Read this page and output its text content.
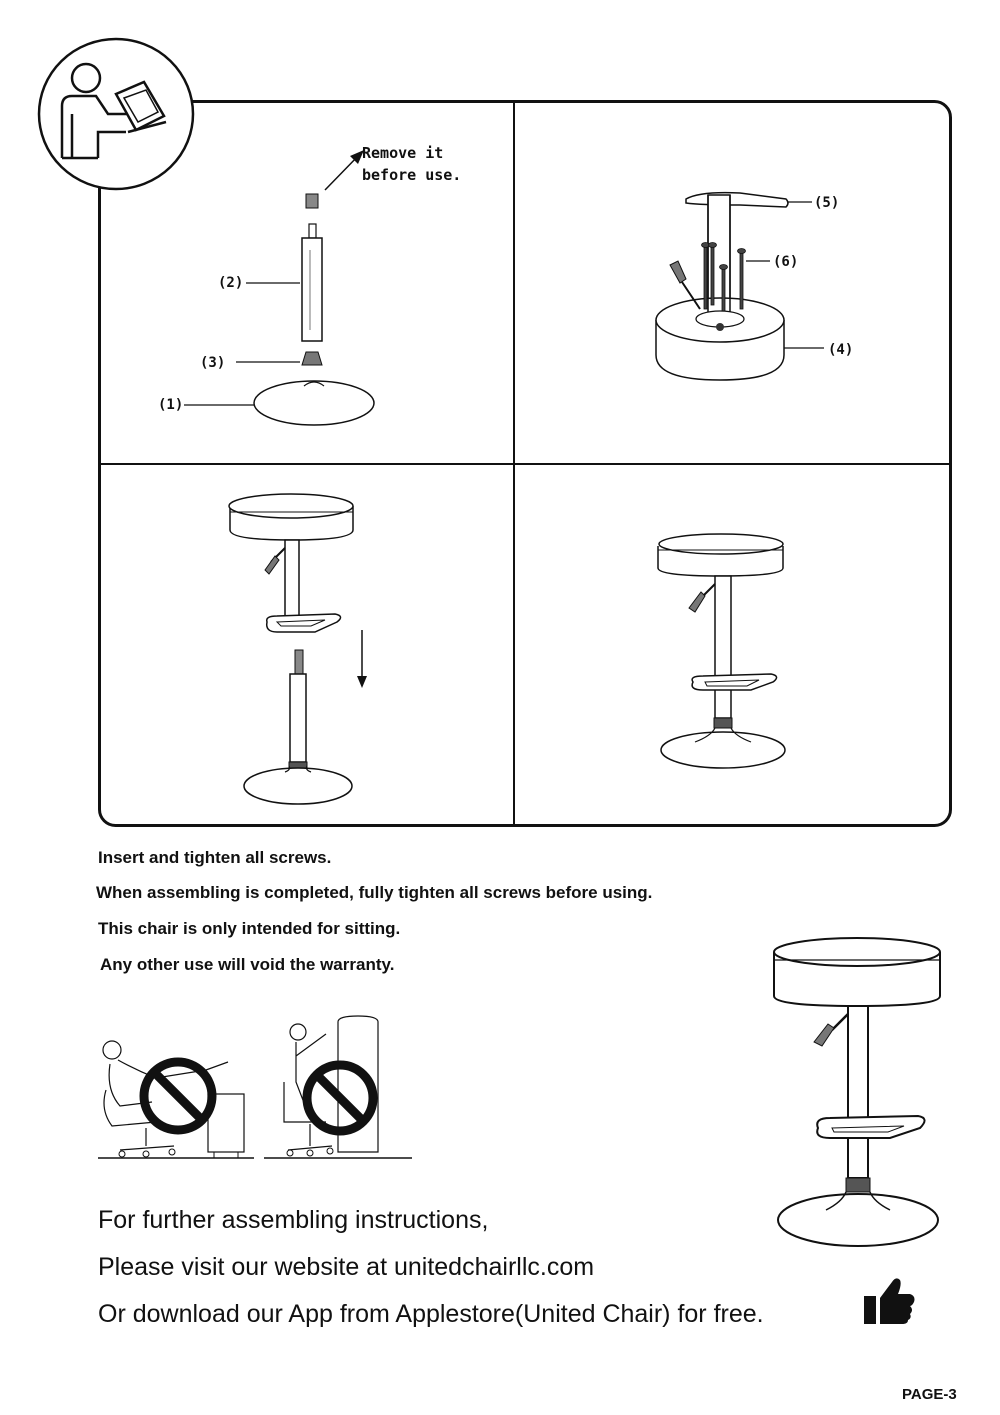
Remove it
before use.
(2)
(3)
(1)
(5)
(6)
(4)
Insert and tighten all screws.
When assembling is completed, fully tighten all screws before using.
This chair is only intended for sitting.
Any other use will void the warranty.
For further assembling instructions,
Please visit our website at unitedchairllc.com
Or download our App from Applestore(United Chair) for free.
PAGE-3
